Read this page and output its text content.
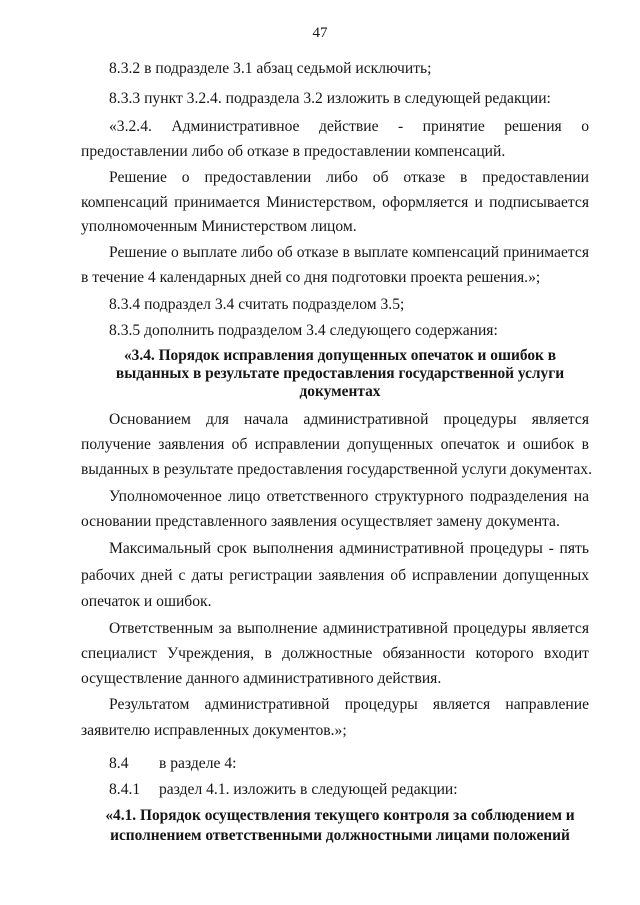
47
8.3.2 в подразделе 3.1 абзац седьмой исключить;
8.3.3 пункт 3.2.4. подраздела 3.2 изложить в следующей редакции:
«3.2.4. Административное действие - принятие решения о
предоставлении либо об отказе в предоставлении компенсаций.
Решение о предоставлении либо об отказе в предоставлении
компенсаций принимается Министерством, оформляется и подписывается
уполномоченным Министерством лицом.
Решение о выплате либо об отказе в выплате компенсаций принимается
в течение 4 календарных дней со дня подготовки проекта решения.»;
8.3.4 подраздел 3.4 считать подразделом 3.5;
8.3.5 дополнить подразделом 3.4 следующего содержания:
«3.4. Порядок исправления допущенных опечаток и ошибок в
выданных в результате предоставления государственной услуги
документах
Основанием для начала административной процедуры является
получение заявления об исправлении допущенных опечаток и ошибок в
выданных в результате предоставления государственной услуги документах.
Уполномоченное лицо ответственного структурного подразделения на
основании представленного заявления осуществляет замену документа.
Максимальный срок выполнения административной процедуры - пять
рабочих дней с даты регистрации заявления об исправлении допущенных
опечаток и ошибок.
Ответственным за выполнение административной процедуры является
специалист Учреждения, в должностные обязанности которого входит
осуществление данного административного действия.
Результатом административной процедуры является направление
заявителю исправленных документов.»;
8.4 в разделе 4:
8.4.1 раздел 4.1. изложить в следующей редакции:
«4.1. Порядок осуществления текущего контроля за соблюдением и
исполнением ответственными должностными лицами положений
